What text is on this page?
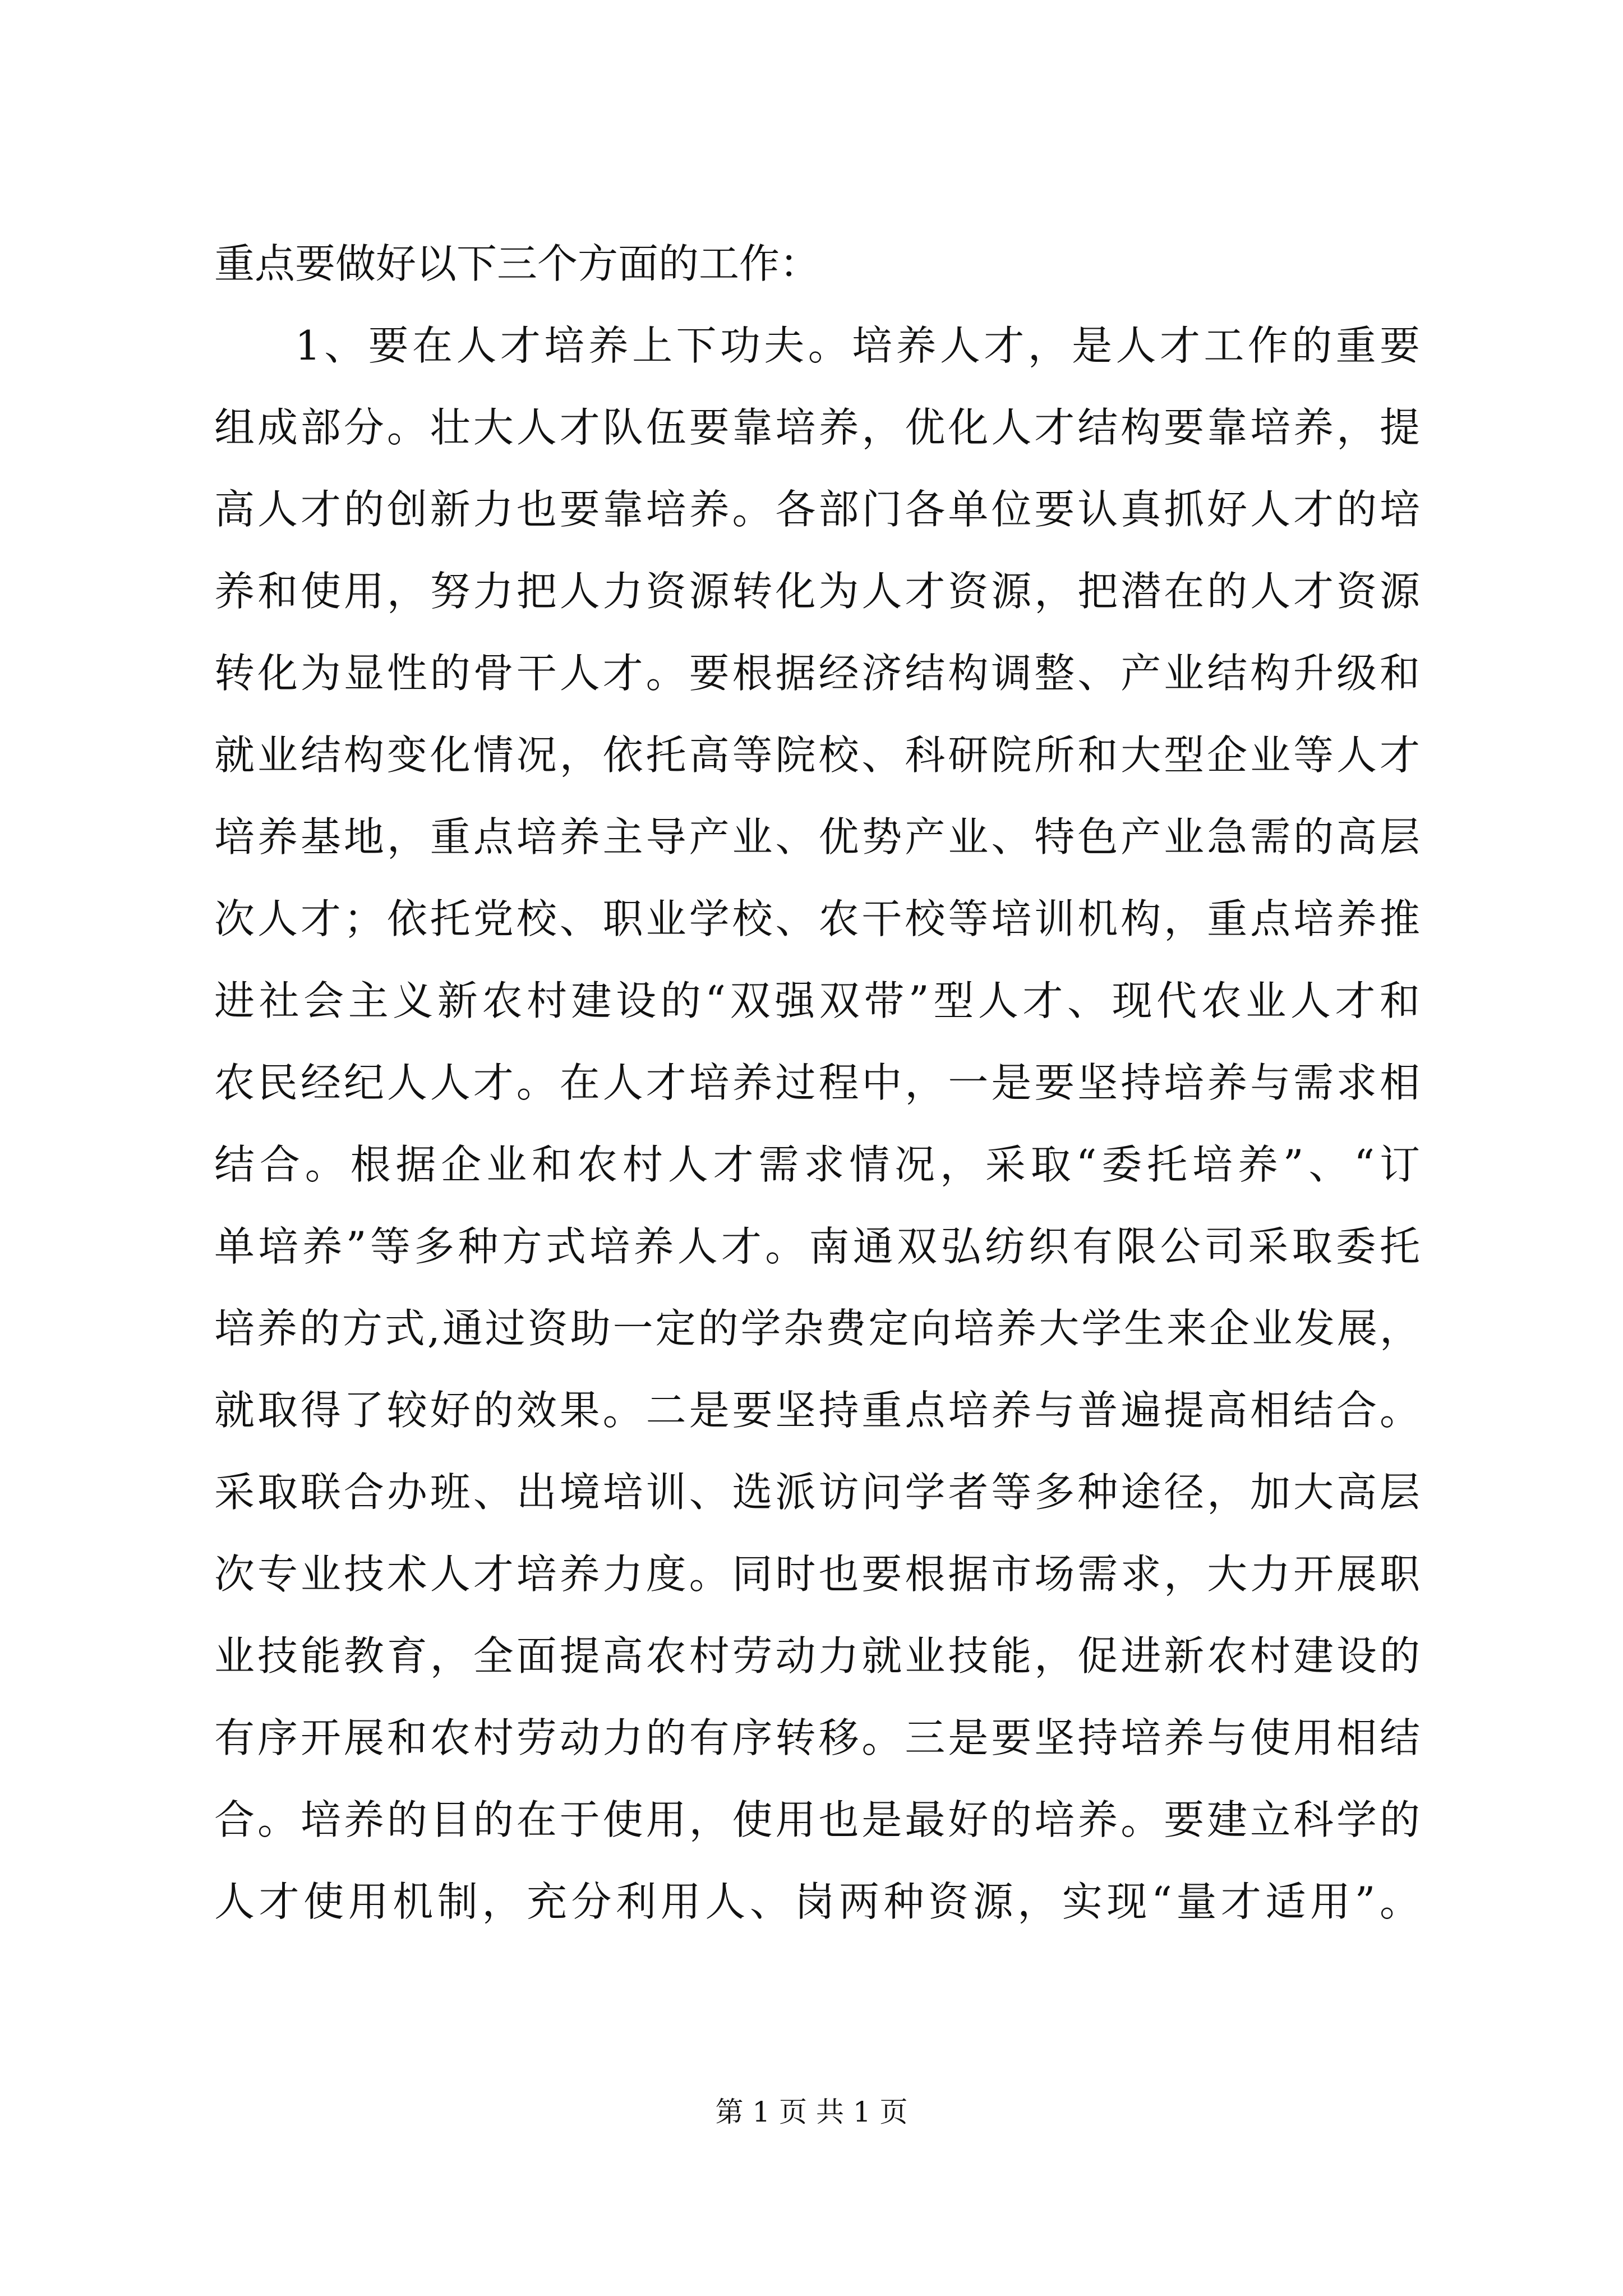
重点要做好以下三个方面的工作：
1、要在人才培养上下功夫。培养人才，是人才工作的重要
组成部分。壮大人才队伍要靠培养，优化人才结构要靠培养，提
高人才的创新力也要靠培养。各部门各单位要认真抓好人才的培
养和使用，努力把人力资源转化为人才资源，把潜在的人才资源
转化为显性的骨干人才。要根据经济结构调整、产业结构升级和
就业结构变化情况，依托高等院校、科研院所和大型企业等人才
培养基地，重点培养主导产业、优势产业、特色产业急需的高层
次人才；依托党校、职业学校、农干校等培训机构，重点培养推
进社会主义新农村建设的“双强双带”型人才、现代农业人才和
农民经纪人人才。在人才培养过程中，一是要坚持培养与需求相
结合。根据企业和农村人才需求情况，采取“委托培养”、“订
单培养”等多种方式培养人才。南通双弘纺织有限公司采取委托
培养的方式,通过资助一定的学杂费定向培养大学生来企业发展，
就取得了较好的效果。二是要坚持重点培养与普遍提高相结合。
采取联合办班、出境培训、选派访问学者等多种途径，加大高层
次专业技术人才培养力度。同时也要根据市场需求，大力开展职
业技能教育，全面提高农村劳动力就业技能，促进新农村建设的
有序开展和农村劳动力的有序转移。三是要坚持培养与使用相结
合。培养的目的在于使用，使用也是最好的培养。要建立科学的
人才使用机制，充分利用人、岗两种资源，实现“量才适用”。
第 1 页 共 1 页
